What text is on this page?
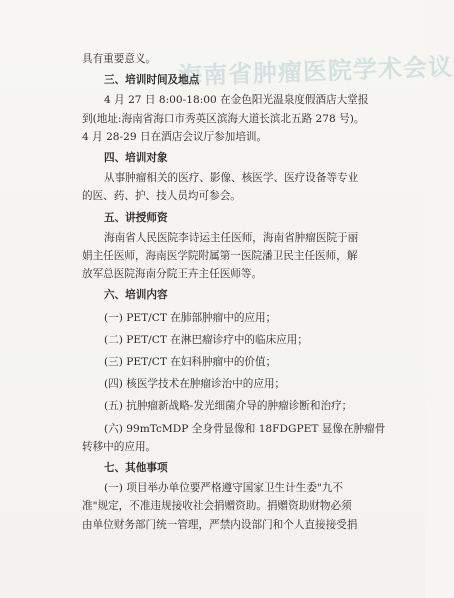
海南省肿瘤医院学术会议
具有重要意义。
三、培训时间及地点
4 月 27 日 8:00-18:00 在金色阳光温泉度假酒店大堂报
到(地址:海南省海口市秀英区滨海大道长滨北五路 278 号)。
4 月 28-29 日在酒店会议厅参加培训。
四、培训对象
从事肿瘤相关的医疗、影像、核医学、医疗设备等专业
的医、药、护、技人员均可参会。
五、讲授师资
海南省人民医院李诗运主任医师，海南省肿瘤医院于丽
娟主任医师，海南医学院附属第一医院潘卫民主任医师，解
放军总医院海南分院王卉主任医师等。
六、培训内容
(一) PET/CT 在肺部肿瘤中的应用；
(二) PET/CT 在淋巴瘤诊疗中的临床应用；
(三) PET/CT 在妇科肿瘤中的价值；
(四) 核医学技术在肿瘤诊治中的应用；
(五) 抗肿瘤新战略-发光细菌介导的肿瘤诊断和治疗；
(六) 99mTcMDP 全身骨显像和 18FDGPET 显像在肿瘤骨
转移中的应用。
七、其他事项
(一) 项目举办单位要严格遵守国家卫生计生委"九不
准"规定，不准违规接收社会捐赠资助。捐赠资助财物必须
由单位财务部门统一管理，严禁内设部门和个人直接接受捐
